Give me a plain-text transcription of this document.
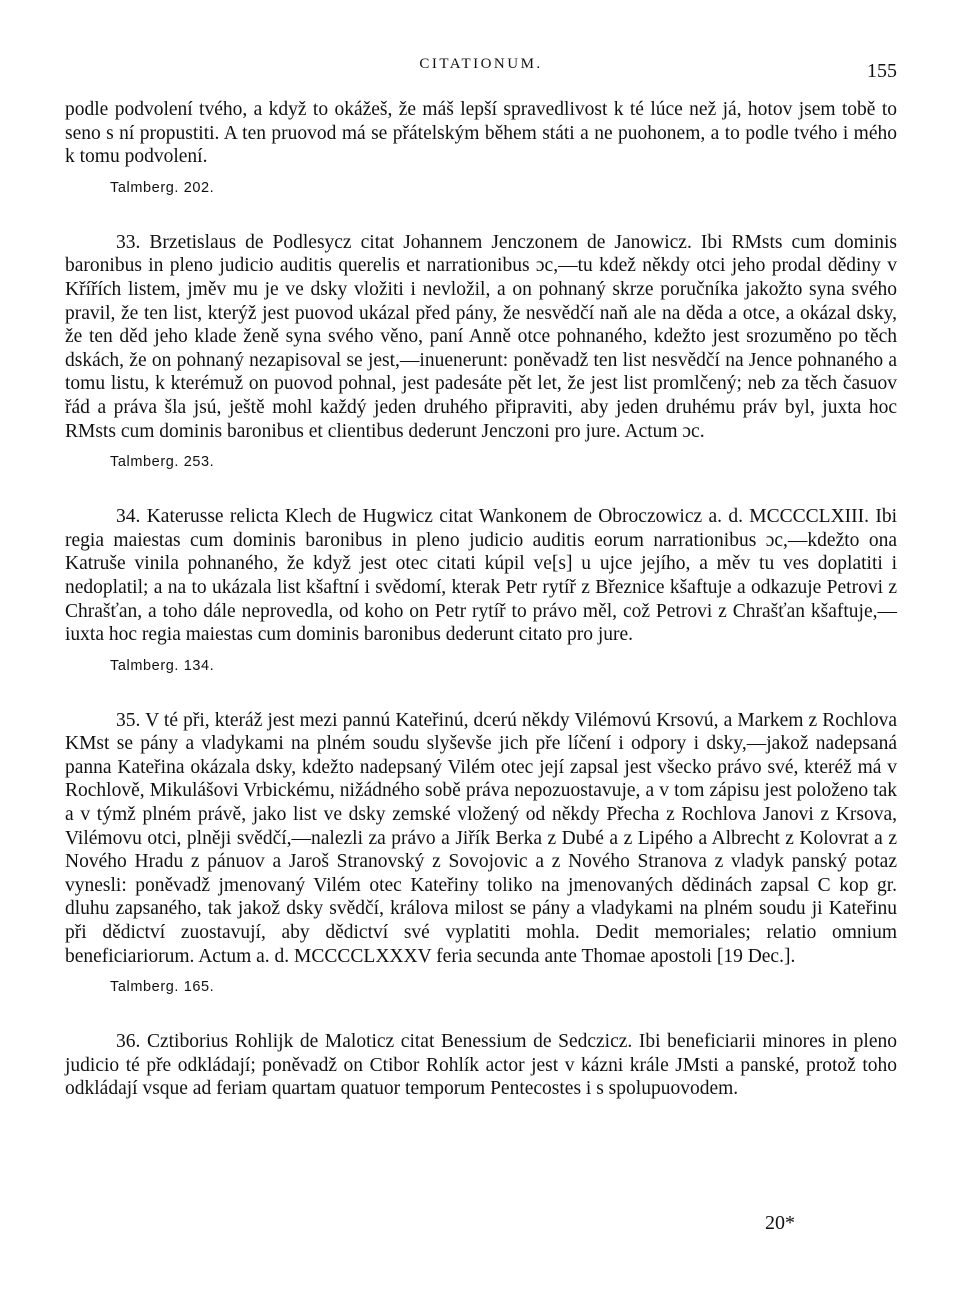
CITATIONUM.	155

podle podvolení tvého, a když to okážeš, že máš lepší spravedlivost k té lúce než já, hotov jsem tobě to seno s ní propustiti. A ten pruovod má se přátelským během státi a ne puohonem, a to podle tvého i mého k tomu podvolení.

Talmberg. 202.

33. Brzetislaus de Podlesycz citat Johannem Jenczonem de Janowicz. Ibi RMsts cum dominis baronibus in pleno judicio auditis querelis et narrationibus ɔc,—tu kdež někdy otci jeho prodal dědiny v Křířích listem, jměv mu je ve dsky vložiti i nevložil, a on pohnaný skrze poručníka jakožto syna svého pravil, že ten list, kterýž jest puovod ukázal před pány, že nesvědčí naň ale na děda a otce, a okázal dsky, že ten děd jeho klade ženě syna svého věno, paní Anně otce pohnaného, kdežto jest srozuměno po těch dskách, že on pohnaný nezapisoval se jest,—inuenerunt: poněvadž ten list nesvědčí na Jence pohnaného a tomu listu, k kterémuž on puovod pohnal, jest padesáte pět let, že jest list promlčený; neb za těch časuov řád a práva šla jsú, ještě mohl každý jeden druhého připraviti, aby jeden druhému práv byl, juxta hoc RMsts cum dominis baronibus et clientibus dederunt Jenczoni pro jure. Actum ɔc.

Talmberg. 253.

34. Katerusse relicta Klech de Hugwicz citat Wankonem de Obroczowicz a. d. MCCCCLXIII. Ibi regia maiestas cum dominis baronibus in pleno judicio auditis eorum narrationibus ɔc,—kdežto ona Katruše vinila pohnaného, že když jest otec citati kúpil ve[s] u ujce jejího, a měv tu ves doplatiti i nedoplatil; a na to ukázala list kšaftní i svědomí, kterak Petr rytíř z Březnice kšaftuje a odkazuje Petrovi z Chrašťan, a toho dále neprovedla, od koho on Petr rytíř to právo měl, což Petrovi z Chrašťan kšaftuje,—iuxta hoc regia maiestas cum dominis baronibus dederunt citato pro jure.

Talmberg. 134.

35. V té při, kteráž jest mezi pannú Kateřinú, dcerú někdy Vilémovú Krsovú, a Markem z Rochlova KMst se pány a vladykami na plném soudu slyševše jich pře líčení i odpory i dsky,—jakož nadepsaná panna Kateřina okázala dsky, kdežto nadepsaný Vilém otec její zapsal jest všecko právo své, kteréž má v Rochlově, Mikulášovi Vrbickému, nižádného sobě práva nepozuostavuje, a v tom zápisu jest položeno tak a v týmž plném právě, jako list ve dsky zemské vložený od někdy Přecha z Rochlova Janovi z Krsova, Vilémovu otci, plněji svědčí,—nalezli za právo a Jiřík Berka z Dubé a z Lipého a Albrecht z Kolovrat a z Nového Hradu z pánuov a Jaroš Stranovský z Sovojovic a z Nového Stranova z vladyk panský potaz vynesli: poněvadž jmenovaný Vilém otec Kateřiny toliko na jmenovaných dědinách zapsal C kop gr. dluhu zapsaného, tak jakož dsky svědčí, králova milost se pány a vladykami na plném soudu ji Kateřinu při dědictví zuostavují, aby dědictví své vyplatiti mohla. Dedit memoriales; relatio omnium beneficiariorum. Actum a. d. MCCCCLXXXV feria secunda ante Thomae apostoli [19 Dec.].

Talmberg. 165.

36. Cztiborius Rohlijk de Maloticz citat Benessium de Sedczicz. Ibi beneficiarii minores in pleno judicio té pře odkládají; poněvadž on Ctibor Rohlík actor jest v kázni krále JMsti a panské, protož toho odkládají vsque ad feriam quartam quatuor temporum Pentecostes i s spolupuovodem.

20*
